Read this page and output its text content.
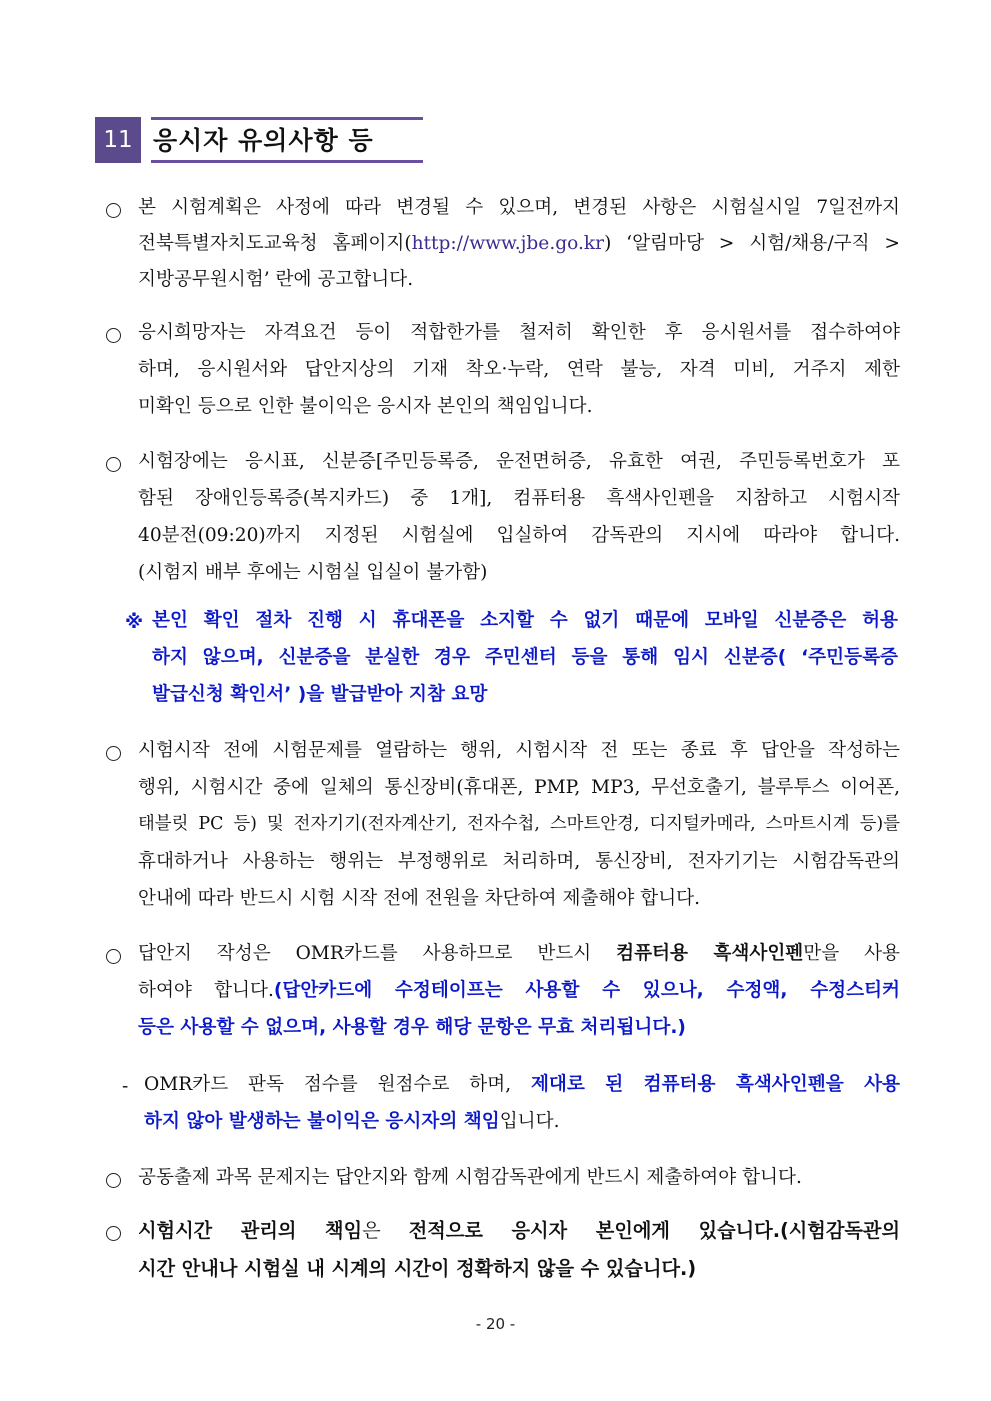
11 응시자 유의사항 등
본 시험계획은 사정에 따라 변경될 수 있으며, 변경된 사항은 시험실시일 7일전까지
전북특별자치도교육청 홈페이지(http://www.jbe.go.kr) ‘알림마당 > 시험/채용/구직 >
지방공무원시험’ 란에 공고합니다.
응시희망자는 자격요건 등이 적합한가를 철저히 확인한 후 응시원서를 접수하여야
하며, 응시원서와 답안지상의 기재 착오·누락, 연락 불능, 자격 미비, 거주지 제한
미확인 등으로 인한 불이익은 응시자 본인의 책임입니다.
시험장에는 응시표, 신분증[주민등록증, 운전면허증, 유효한 여권, 주민등록번호가 포
함된 장애인등록증(복지카드) 중 1개], 컴퓨터용 흑색사인펜을 지참하고 시험시작
40분전(09:20)까지 지정된 시험실에 입실하여 감독관의 지시에 따라야 합니다.
(시험지 배부 후에는 시험실 입실이 불가함)
※ 본인 확인 절차 진행 시 휴대폰을 소지할 수 없기 때문에 모바일 신분증은 허용
하지 않으며, 신분증을 분실한 경우 주민센터 등을 통해 임시 신분증( ‘주민등록증
발급신청 확인서’ )을 발급받아 지참 요망
시험시작 전에 시험문제를 열람하는 행위, 시험시작 전 또는 종료 후 답안을 작성하는
행위, 시험시간 중에 일체의 통신장비(휴대폰, PMP, MP3, 무선호출기, 블루투스 이어폰,
태블릿 PC 등) 및 전자기기(전자계산기, 전자수첩, 스마트안경, 디지털카메라, 스마트시계 등)를
휴대하거나 사용하는 행위는 부정행위로 처리하며, 통신장비, 전자기기는 시험감독관의
안내에 따라 반드시 시험 시작 전에 전원을 차단하여 제출해야 합니다.
답안지 작성은 OMR카드를 사용하므로 반드시 컴퓨터용 흑색사인펜만을 사용
하여야 합니다.(답안카드에 수정테이프는 사용할 수 있으나, 수정액, 수정스티커
등은 사용할 수 없으며, 사용할 경우 해당 문항은 무효 처리됩니다.)
- OMR카드 판독 점수를 원점수로 하며, 제대로 된 컴퓨터용 흑색사인펜을 사용
하지 않아 발생하는 불이익은 응시자의 책임입니다.
공동출제 과목 문제지는 답안지와 함께 시험감독관에게 반드시 제출하여야 합니다.
시험시간 관리의 책임은 전적으로 응시자 본인에게 있습니다.(시험감독관의
시간 안내나 시험실 내 시계의 시간이 정확하지 않을 수 있습니다.)
- 20 -
